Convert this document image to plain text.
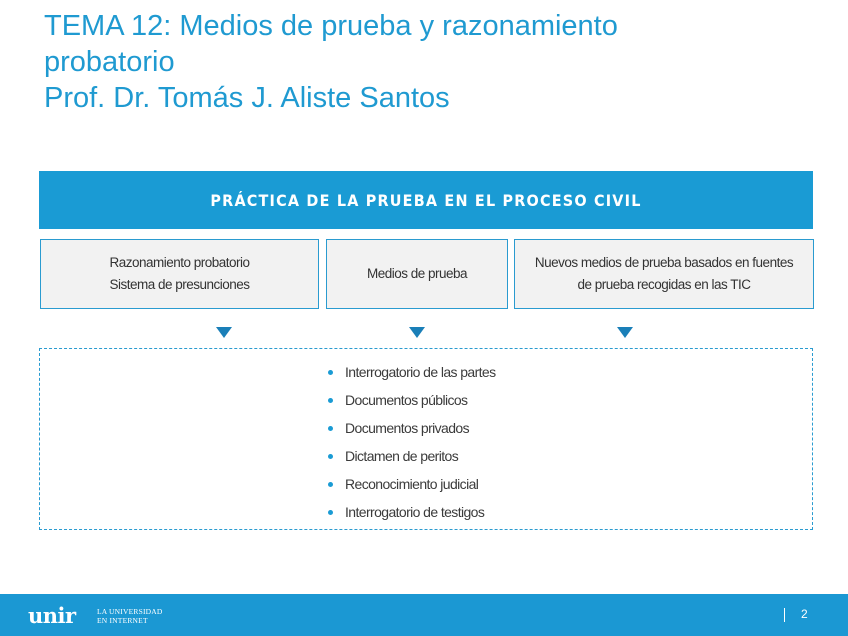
TEMA 12: Medios de prueba y razonamiento
probatorio
Prof. Dr. Tomás J. Aliste Santos
PRÁCTICA DE LA PRUEBA EN EL PROCESO CIVIL
Razonamiento probatorio
Sistema de presunciones
Medios de prueba
Nuevos medios de prueba basados en fuentes
de prueba recogidas en las TIC
Interrogatorio de las partes
Documentos públicos
Documentos privados
Dictamen de peritos
Reconocimiento judicial
Interrogatorio de testigos
unir	LA UNIVERSIDAD
EN INTERNET	2
